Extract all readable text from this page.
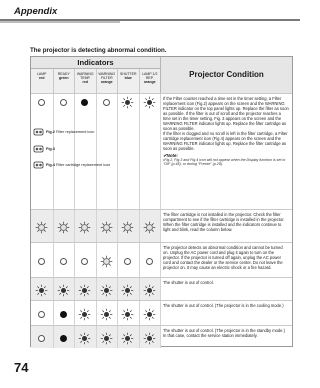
Appendix
The projector is detecting abnormal condition.
Indicators
Projector Condition
LAMP
red
READY
green
WARNING TEMP.
red
WARNING FILTER
orange
SHUTTER
blue
LAMP 1/2 REP.
orange
Fig.2 Filter replacement icon
Fig.3
Fig.4 Filter cartridge replacement icon

If the Filter counter reached a time set in the timer setting, a Filter replacement icon (Fig.2) appears on the screen and the WARNING FILTER indicator on the top panel lights up. Replace the filter as soon as possible. If the filter is out of scroll and the projector reaches a time set in the timer setting, Fig. 3 appears on the screen and the WARNING FILTER indicator lights up. Replace the filter cartridge as soon as possible.

If the filter is clogged and no scroll is left in the filter cartridge, a Filter cartridge replacement icon (Fig.4) appears on the screen and the WARNING FILTER indicator lights up. Replace the filter cartridge as soon as possible.

✔Note:

•Fig.2, Fig.3 and Fig.4 icon will not appear when the Display function is set to "Off" (p.48), or during "Freeze" (p.28).

The filter cartridge is not installed in the projector. Check the filter compartment to see if the filter cartridge is installed in the projector. When the filter cartridge is installed and the indicators continue to light and blink, read the column below.

The projector detects an abnormal condition and cannot be turned on. Unplug the AC power cord and plug it again to turn on the projector. If the projector is turned off again, unplug the AC power cord and contact the dealer or the service center. Do not leave the projector on. It may cause an electric shock or a fire hazard.

The shutter is out of control.

The shutter is out of control. (The projector is in the cooling mode.)

The shutter is out of control. (The projector is in the standby mode.) In that case, contact the service station immediately.

74
